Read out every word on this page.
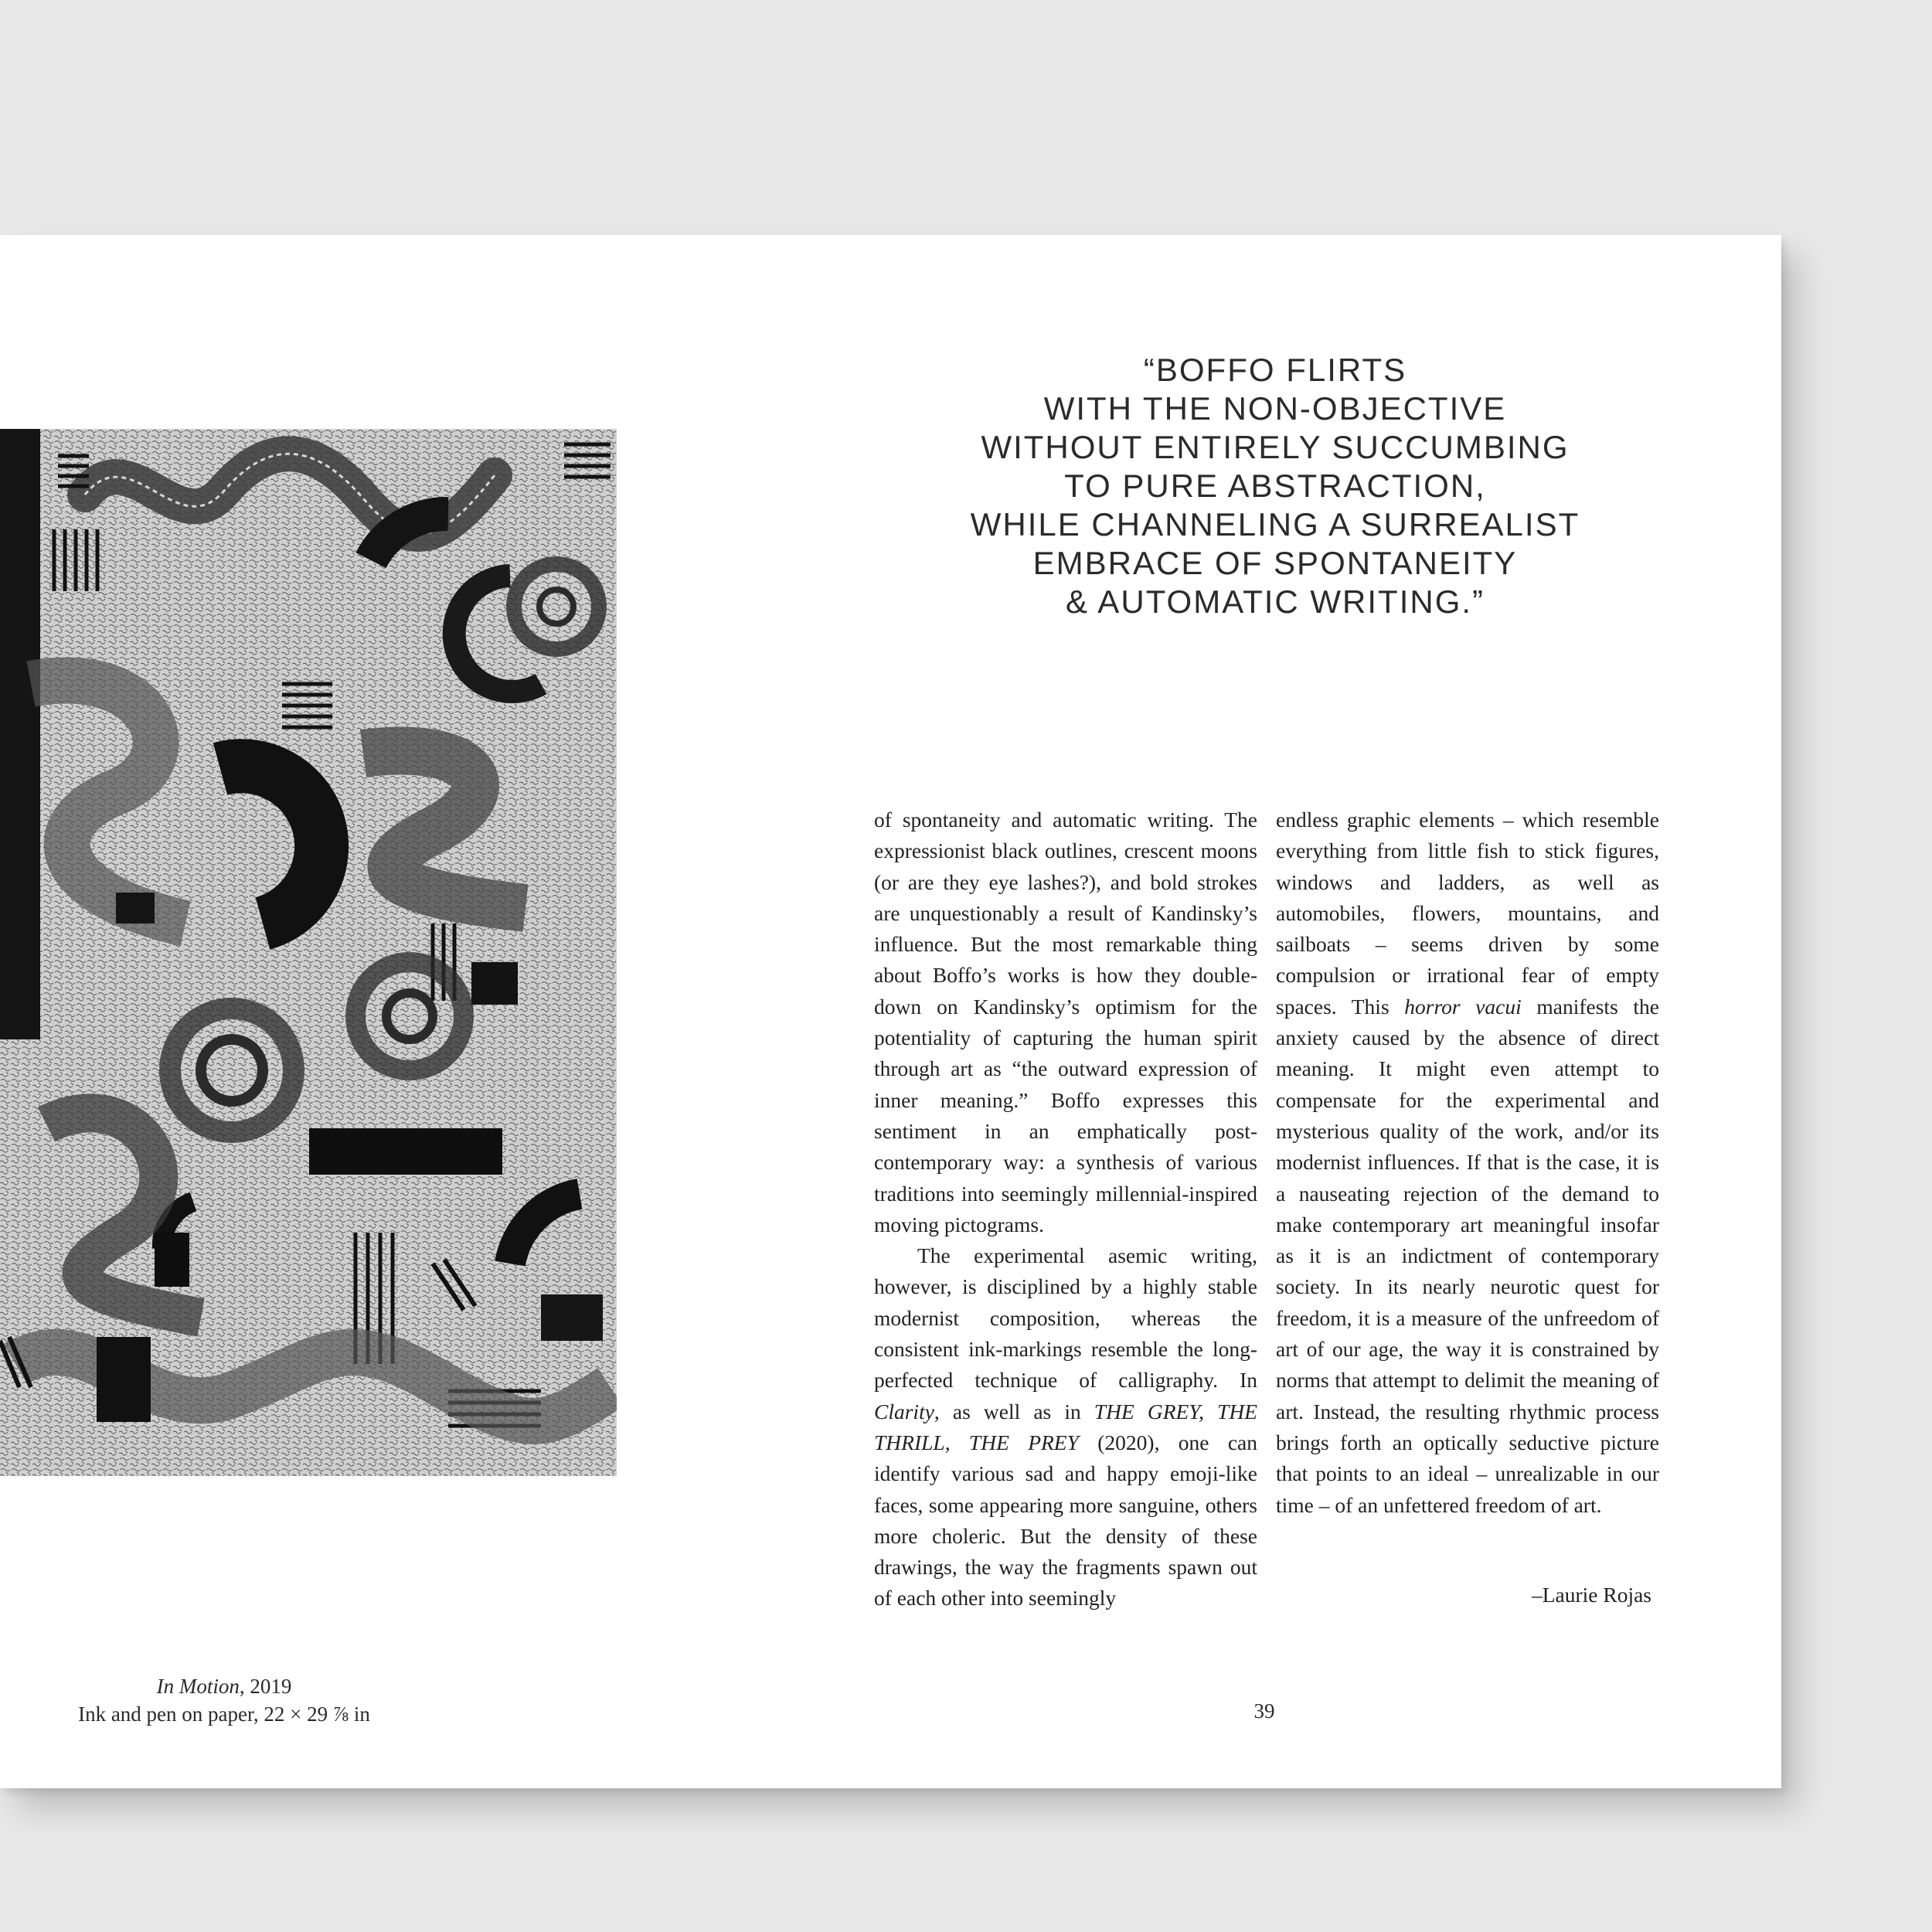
In Motion, 2019
Ink and pen on paper, 22 × 29 ⅞ in
“BOFFO FLIRTS
WITH THE NON-OBJECTIVE
WITHOUT ENTIRELY SUCCUMBING
TO PURE ABSTRACTION,
WHILE CHANNELING A SURREALIST
EMBRACE OF SPONTANEITY
& AUTOMATIC WRITING.”

of spontaneity and automatic writing. The expressionist black outlines, crescent moons (or are they eye lashes?), and bold strokes are unquestionably a result of Kandinsky’s influence. But the most remarkable thing about Boffo’s works is how they double-down on Kandinsky’s optimism for the potentiality of capturing the human spirit through art as “the outward expression of inner meaning.” Boffo expresses this sentiment in an emphatically post-contemporary way: a synthesis of various traditions into seemingly millennial-inspired moving pictograms.

The experimental asemic writing, however, is disciplined by a highly stable modernist composition, whereas the consistent ink-markings resemble the long-perfected technique of calligraphy. In Clarity, as well as in THE GREY, THE THRILL, THE PREY (2020), one can identify various sad and happy emoji-like faces, some appearing more sanguine, others more choleric. But the density of these drawings, the way the fragments spawn out of each other into seemingly

endless graphic elements – which resemble everything from little fish to stick figures, windows and ladders, as well as automobiles, flowers, mountains, and sailboats – seems driven by some compulsion or irrational fear of empty spaces. This horror vacui manifests the anxiety caused by the absence of direct meaning. It might even attempt to compensate for the experimental and mysterious quality of the work, and/or its modernist influences. If that is the case, it is a nauseating rejection of the demand to make contemporary art meaningful insofar as it is an indictment of contemporary society. In its nearly neurotic quest for freedom, it is a measure of the unfreedom of art of our age, the way it is constrained by norms that attempt to delimit the meaning of art. Instead, the resulting rhythmic process brings forth an optically seductive picture that points to an ideal – unrealizable in our time – of an unfettered freedom of art.

–Laurie Rojas
39
